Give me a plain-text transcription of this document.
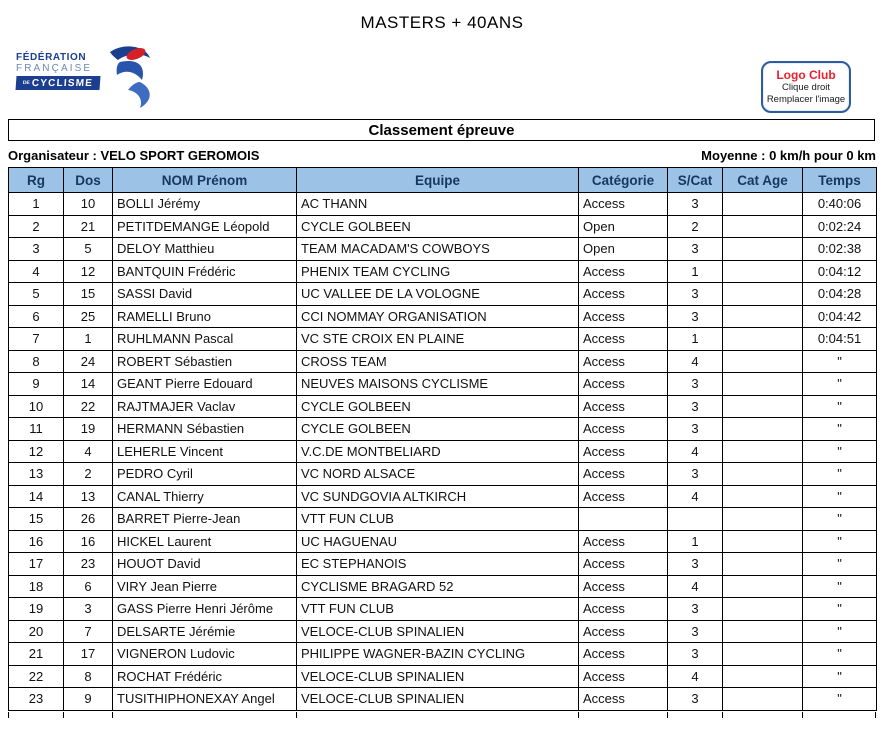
MASTERS + 40ANS
FÉDÉRATION
FRANÇAISE
DE CYCLISME
Logo Club
Clique droit
Remplacer l'image
Classement épreuve
Organisateur : VELO SPORT GEROMOIS	Moyenne : 0 km/h pour 0 km
Rg	Dos	NOM Prénom	Equipe	Catégorie	S/Cat	Cat Age	Temps
1	10	BOLLI Jérémy	AC THANN	Access	3		0:40:06
2	21	PETITDEMANGE Léopold	CYCLE GOLBEEN	Open	2		0:02:24
3	5	DELOY Matthieu	TEAM MACADAM'S COWBOYS	Open	3		0:02:38
4	12	BANTQUIN Frédéric	PHENIX TEAM CYCLING	Access	1		0:04:12
5	15	SASSI David	UC VALLEE DE LA VOLOGNE	Access	3		0:04:28
6	25	RAMELLI Bruno	CCI NOMMAY ORGANISATION	Access	3		0:04:42
7	1	RUHLMANN Pascal	VC STE CROIX EN PLAINE	Access	1		0:04:51
8	24	ROBERT Sébastien	CROSS TEAM	Access	4		"
9	14	GEANT Pierre Edouard	NEUVES MAISONS CYCLISME	Access	3		"
10	22	RAJTMAJER Vaclav	CYCLE GOLBEEN	Access	3		"
11	19	HERMANN Sébastien	CYCLE GOLBEEN	Access	3		"
12	4	LEHERLE Vincent	V.C.DE MONTBELIARD	Access	4		"
13	2	PEDRO Cyril	VC NORD ALSACE	Access	3		"
14	13	CANAL Thierry	VC SUNDGOVIA ALTKIRCH	Access	4		"
15	26	BARRET Pierre-Jean	VTT FUN CLUB				"
16	16	HICKEL Laurent	UC HAGUENAU	Access	1		"
17	23	HOUOT David	EC STEPHANOIS	Access	3		"
18	6	VIRY Jean Pierre	CYCLISME BRAGARD 52	Access	4		"
19	3	GASS Pierre Henri Jérôme	VTT FUN CLUB	Access	3		"
20	7	DELSARTE Jérémie	VELOCE-CLUB SPINALIEN	Access	3		"
21	17	VIGNERON Ludovic	PHILIPPE WAGNER-BAZIN CYCLING	Access	3		"
22	8	ROCHAT Frédéric	VELOCE-CLUB SPINALIEN	Access	4		"
23	9	TUSITHIPHONEXAY Angel	VELOCE-CLUB SPINALIEN	Access	3		"
